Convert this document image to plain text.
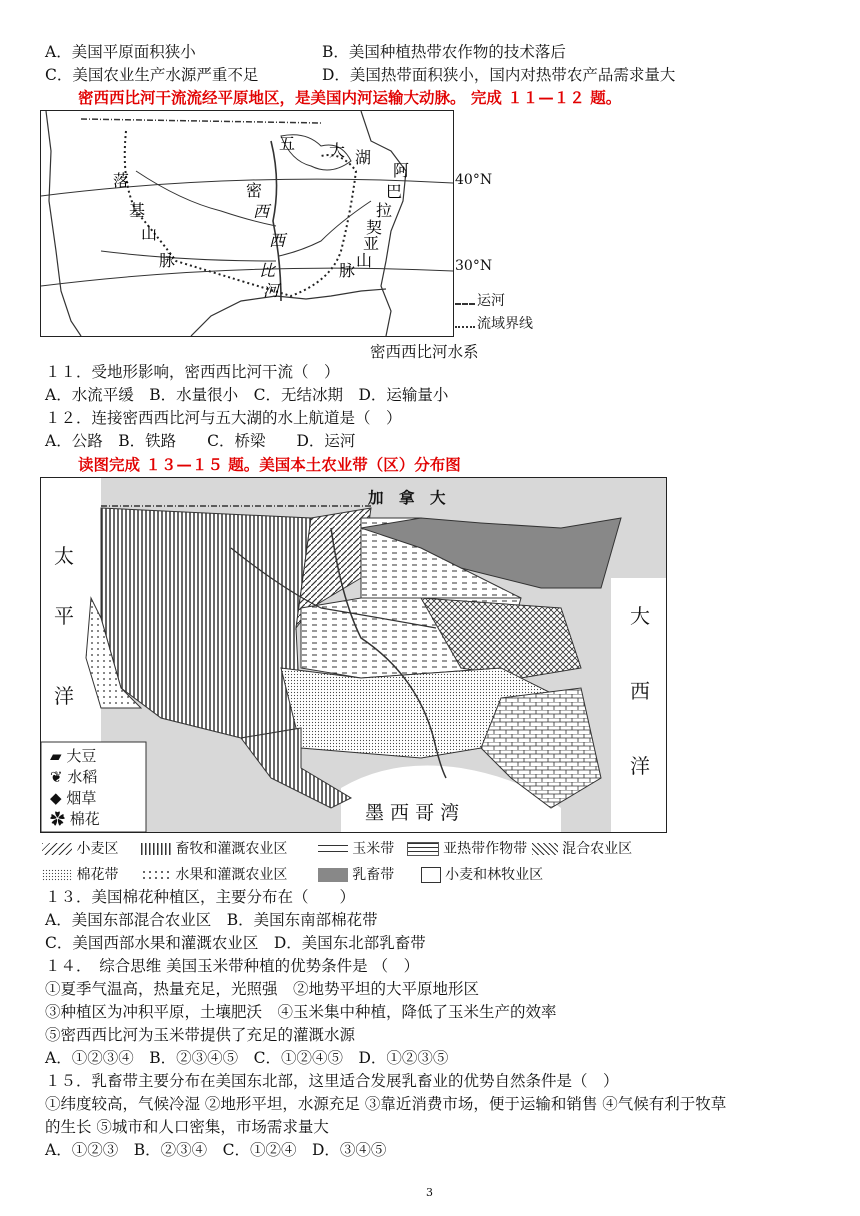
A．美国平原面积狭小	B．美国种植热带农作物的技术落后
C．美国农业生产水源严重不足	D．美国热带面积狭小，国内对热带农产品需求量大
密西西比河干流流经平原地区，是美国内河运输大动脉。 完成 １１—１２ 题。
五 大 湖
落
基
山
脉
密
西
西
比
河
阿
巴
拉
契
亚
山
脉
40°N
30°N
运河
流域界线
密西西比河水系
１１．受地形影响，密西西比河干流（　）
A．水流平缓　B．水量很小　C．无结冰期　D．运输量小
１２．连接密西西比河与五大湖的水上航道是（　）
A．公路　B．铁路　　C．桥梁　　D．运河
读图完成 １３—１５ 题。美国本土农业带（区）分布图
加　拿　大
太
平
洋
大
西
洋
墨 西 哥 湾
▰ 大豆
❦ 水稻
◆ 烟草
✿ 棉花
小麦区	畜牧和灌溉农业区	玉米带	亚热带作物带 混合农业区
棉花带	水果和灌溉农业区	乳畜带	小麦和林牧业区
１３．美国棉花种植区，主要分布在（　　）
A．美国东部混合农业区　B．美国东南部棉花带
C．美国西部水果和灌溉农业区　D．美国东北部乳畜带
１４．　综合思维 美国玉米带种植的优势条件是 （　）
①夏季气温高，热量充足，光照强　②地势平坦的大平原地形区
③种植区为冲积平原，土壤肥沃　④玉米集中种植，降低了玉米生产的效率
⑤密西西比河为玉米带提供了充足的灌溉水源
A．①②③④　B．②③④⑤　C．①②④⑤　D．①②③⑤
１５．乳畜带主要分布在美国东北部，这里适合发展乳畜业的优势自然条件是（　）
①纬度较高，气候冷湿 ②地形平坦，水源充足 ③靠近消费市场，便于运输和销售 ④气候有利于牧草
的生长 ⑤城市和人口密集，市场需求量大
A．①②③　B．②③④　C．①②④　D．③④⑤
3
